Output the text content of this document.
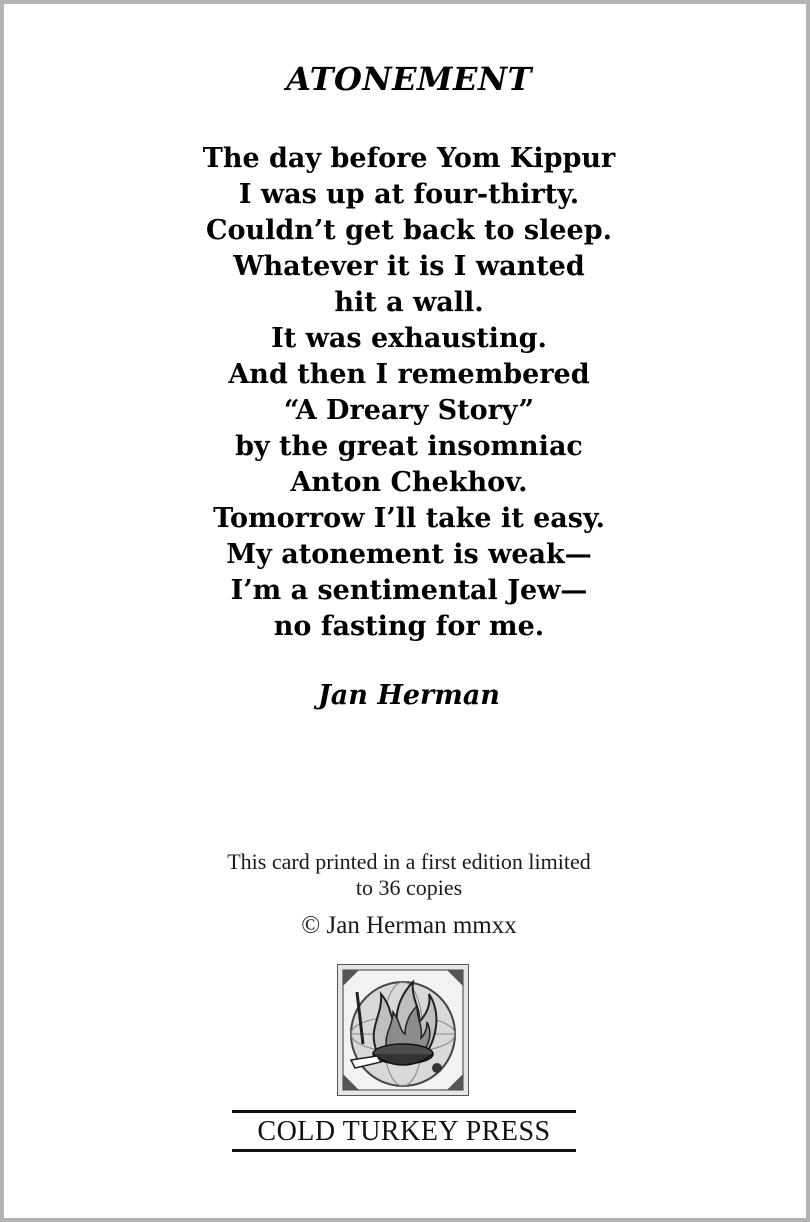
ATONEMENT
The day before Yom Kippur
I was up at four-thirty.
Couldn’t get back to sleep.
Whatever it is I wanted
hit a wall.
It was exhausting.
And then I remembered
“A Dreary Story”
by the great insomniac
Anton Chekhov.
Tomorrow I’ll take it easy.
My atonement is weak—
I’m a sentimental Jew—
no fasting for me.
Jan Herman
This card printed in a first edition limited
to 36 copies
© Jan Herman mmxx
COLD TURKEY PRESS
